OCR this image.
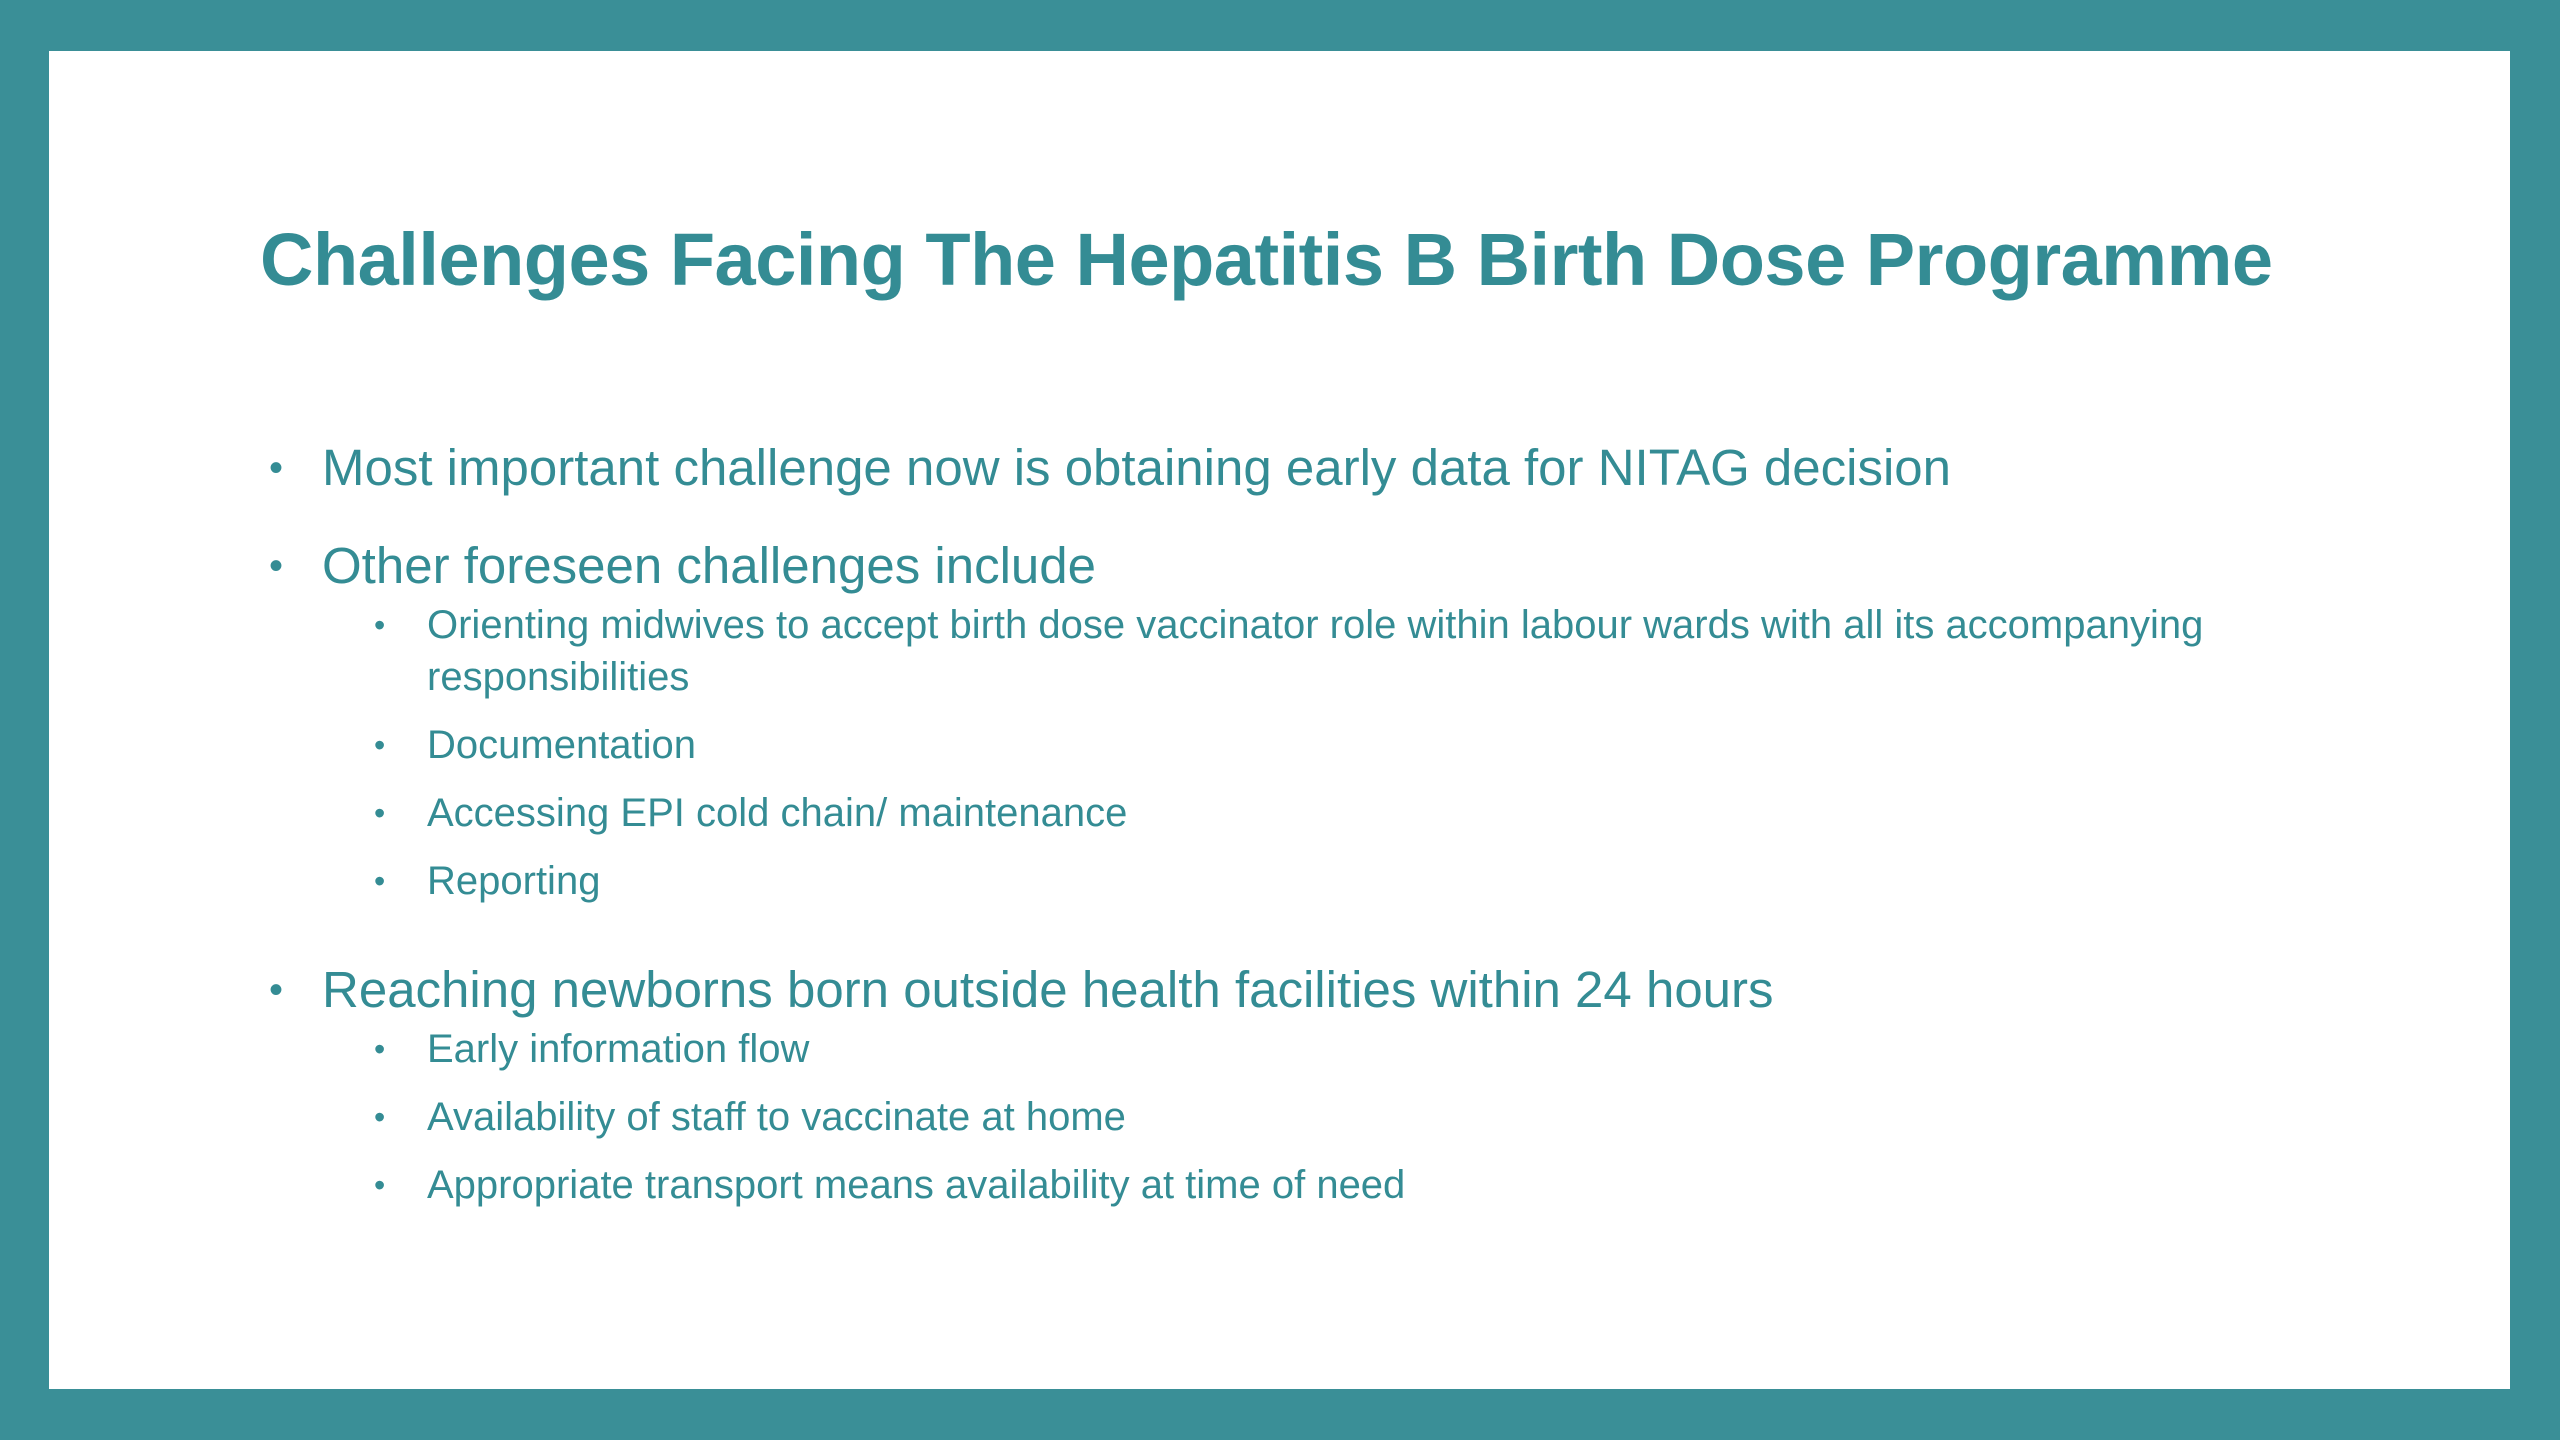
Challenges Facing The Hepatitis B Birth Dose Programme
• Most important challenge now is obtaining early data for NITAG decision
• Other foreseen challenges include
• Orienting midwives to accept birth dose vaccinator role within labour wards with all its accompanying responsibilities
• Documentation
• Accessing EPI cold chain/ maintenance
• Reporting
• Reaching newborns born outside health facilities within 24 hours
• Early information flow
• Availability of staff to vaccinate at home
• Appropriate transport means availability at time of need
